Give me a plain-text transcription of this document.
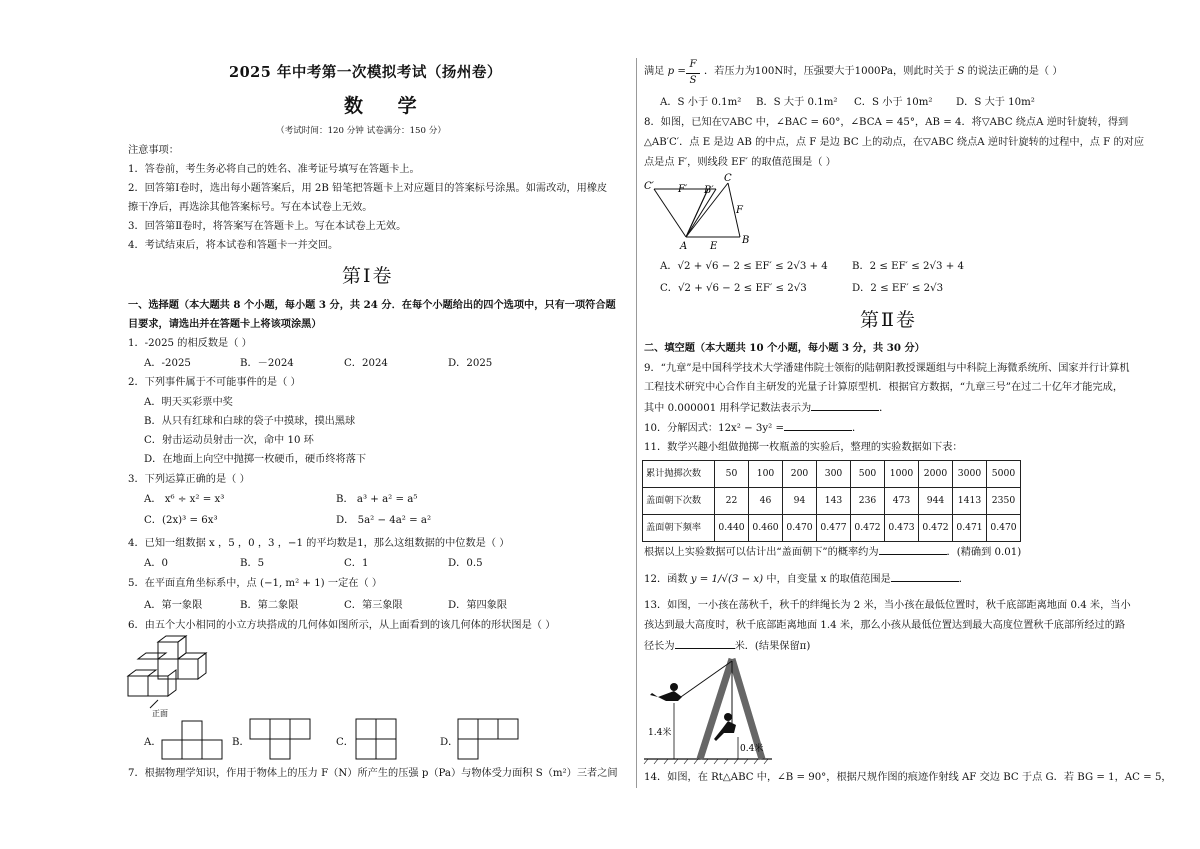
2025 年中考第一次模拟考试（扬州卷）
数 学
（考试时间：120 分钟 试卷满分：150 分）
注意事项：
1．答卷前，考生务必将自己的姓名、准考证号填写在答题卡上。
2．回答第Ⅰ卷时，选出每小题答案后，用 2B 铅笔把答题卡上对应题目的答案标号涂黑。如需改动，用橡皮
擦干净后，再选涂其他答案标号。写在本试卷上无效。
3．回答第Ⅱ卷时，将答案写在答题卡上。写在本试卷上无效。
4．考试结束后，将本试卷和答题卡一并交回。
第Ⅰ卷
一、选择题（本大题共 8 个小题，每小题 3 分，共 24 分．在每个小题给出的四个选项中，只有一项符合题
目要求，请选出并在答题卡上将该项涂黑）
1．-2025 的相反数是（ ）
A．-2025	B．－2024	C．2024	D．2025
2．下列事件属于不可能事件的是（ ）
A．明天买彩票中奖
B．从只有红球和白球的袋子中摸球，摸出黑球
C．射击运动员射击一次，命中 10 环
D．在地面上向空中抛掷一枚硬币，硬币终将落下
3．下列运算正确的是（ ）
A． x⁶ ÷ x² = x³	B． a³ + a² = a⁵
C．(2x)³ = 6x³	D． 5a² − 4a² = a²
4．已知一组数据 x ，5 ，0 ，3 ，−1 的平均数是1，那么这组数据的中位数是（ ）
A．0	B．5	C．1	D．0.5
5．在平面直角坐标系中，点 (−1, m² + 1) 一定在（ ）
A．第一象限	B．第二象限	C．第三象限	D．第四象限
6．由五个大小相同的小立方块搭成的几何体如图所示，从上面看到的该几何体的形状图是（ ）
正面
A．	B．	C．	D．
7．根据物理学知识，作用于物体上的压力 F（N）所产生的压强 p（Pa）与物体受力面积 S（m²）三者之间
满足 p =
F
S
．若压力为100N时，压强要大于1000Pa，则此时关于 S 的说法正确的是（ ）
A．S 小于 0.1m²	B．S 大于 0.1m²	C．S 小于 10m²	D．S 大于 10m²
8．如图，已知在▽ABC 中，∠BAC = 60°，∠BCA = 45°，AB = 4．将▽ABC 绕点A 逆时针旋转，得到
△AB′C′．点 E 是边 AB 的中点，点 F 是边 BC 上的动点，在▽ABC 绕点A 逆时针旋转的过程中，点 F 的对应
点是点 F′，则线段 EF′ 的取值范围是（ ）
C′ F′ B′
C
F
A E
B
A．√2 + √6 − 2 ≤ EF′ ≤ 2√3 + 4 B．2 ≤ EF′ ≤ 2√3 + 4
C．√2 + √6 − 2 ≤ EF′ ≤ 2√3	D．2 ≤ EF′ ≤ 2√3
第Ⅱ卷
二、填空题（本大题共 10 个小题，每小题 3 分，共 30 分）
9．“九章”是中国科学技术大学潘建伟院士领衔的陆朝阳教授课题组与中科院上海微系统所、国家并行计算机
工程技术研究中心合作自主研发的光量子计算原型机．根据官方数据，“九章三号”在过二十亿年才能完成，
其中 0.000001 用科学记数法表示为	．
10．分解因式：12x² − 3y² =	．
11．数学兴趣小组做抛掷一枚瓶盖的实验后，整理的实验数据如下表：
累计抛掷次数	50	100	200	300	500	1000	2000	3000	5000
盖面朝下次数	22	46	94	143	236	473	944	1413	2350
盖面朝下频率	0.440	0.460	0.470	0.477	0.472	0.473	0.472	0.471	0.470
根据以上实验数据可以估计出“盖面朝下”的概率约为	．(精确到 0.01)
12．函数 y = 1/√(3 − x) 中，自变量 x 的取值范围是	．
13．如图，一小孩在荡秋千，秋千的绊绳长为 2 米，当小孩在最低位置时，秋千底部距离地面 0.4 米，当小
孩达到最大高度时，秋千底部距离地面 1.4 米，那么小孩从最低位置达到最大高度位置秋千底部所经过的路
径长为	米．(结果保留π)
1.4米
0.4米
14．如图，在 Rt△ABC 中，∠B = 90°，根据尺规作图的痕迹作射线 AF 交边 BC 于点 G．若 BG = 1，AC = 5，
